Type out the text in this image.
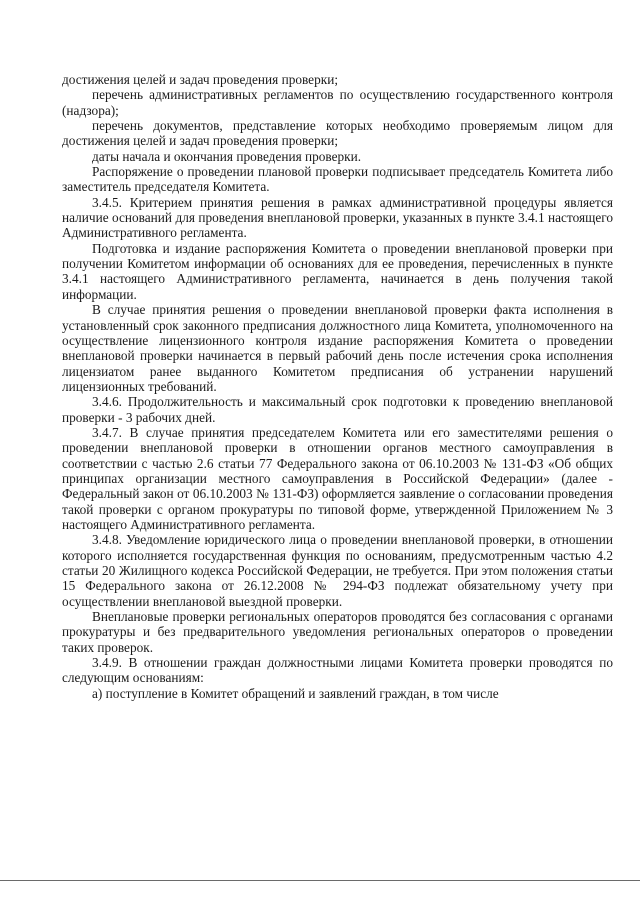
достижения целей и задач проведения проверки;

перечень административных регламентов по осуществлению государственного контроля (надзора);

перечень документов, представление которых необходимо проверяемым лицом для достижения целей и задач проведения проверки;

даты начала и окончания проведения проверки.

Распоряжение о проведении плановой проверки подписывает председатель Комитета либо заместитель председателя Комитета.

3.4.5. Критерием принятия решения в рамках административной процедуры является наличие оснований для проведения внеплановой проверки, указанных в пункте 3.4.1 настоящего Административного регламента.

Подготовка и издание распоряжения Комитета о проведении внеплановой проверки при получении Комитетом информации об основаниях для ее проведения, перечисленных в пункте 3.4.1 настоящего Административного регламента, начинается в день получения такой информации.

В случае принятия решения о проведении внеплановой проверки факта исполнения в установленный срок законного предписания должностного лица Комитета, уполномоченного на осуществление лицензионного контроля издание распоряжения Комитета о проведении внеплановой проверки начинается в первый рабочий день после истечения срока исполнения лицензиатом ранее выданного Комитетом предписания об устранении нарушений лицензионных требований.

3.4.6. Продолжительность и максимальный срок подготовки к проведению внеплановой проверки - 3 рабочих дней.

3.4.7. В случае принятия председателем Комитета или его заместителями решения о проведении внеплановой проверки в отношении органов местного самоуправления в соответствии с частью 2.6 статьи 77 Федерального закона от 06.10.2003 № 131-ФЗ «Об общих принципах организации местного самоуправления в Российской Федерации» (далее - Федеральный закон от 06.10.2003 № 131-ФЗ) оформляется заявление о согласовании проведения такой проверки с органом прокуратуры по типовой форме, утвержденной Приложением № 3 настоящего Административного регламента.

3.4.8. Уведомление юридического лица о проведении внеплановой проверки, в отношении которого исполняется государственная функция по основаниям, предусмотренным частью 4.2 статьи 20 Жилищного кодекса Российской Федерации, не требуется. При этом положения статьи 15 Федерального закона от 26.12.2008 № 294-ФЗ подлежат обязательному учету при осуществлении внеплановой выездной проверки.

Внеплановые проверки региональных операторов проводятся без согласования с органами прокуратуры и без предварительного уведомления региональных операторов о проведении таких проверок.

3.4.9. В отношении граждан должностными лицами Комитета проверки проводятся по следующим основаниям:

а) поступление в Комитет обращений и заявлений граждан, в том числе
